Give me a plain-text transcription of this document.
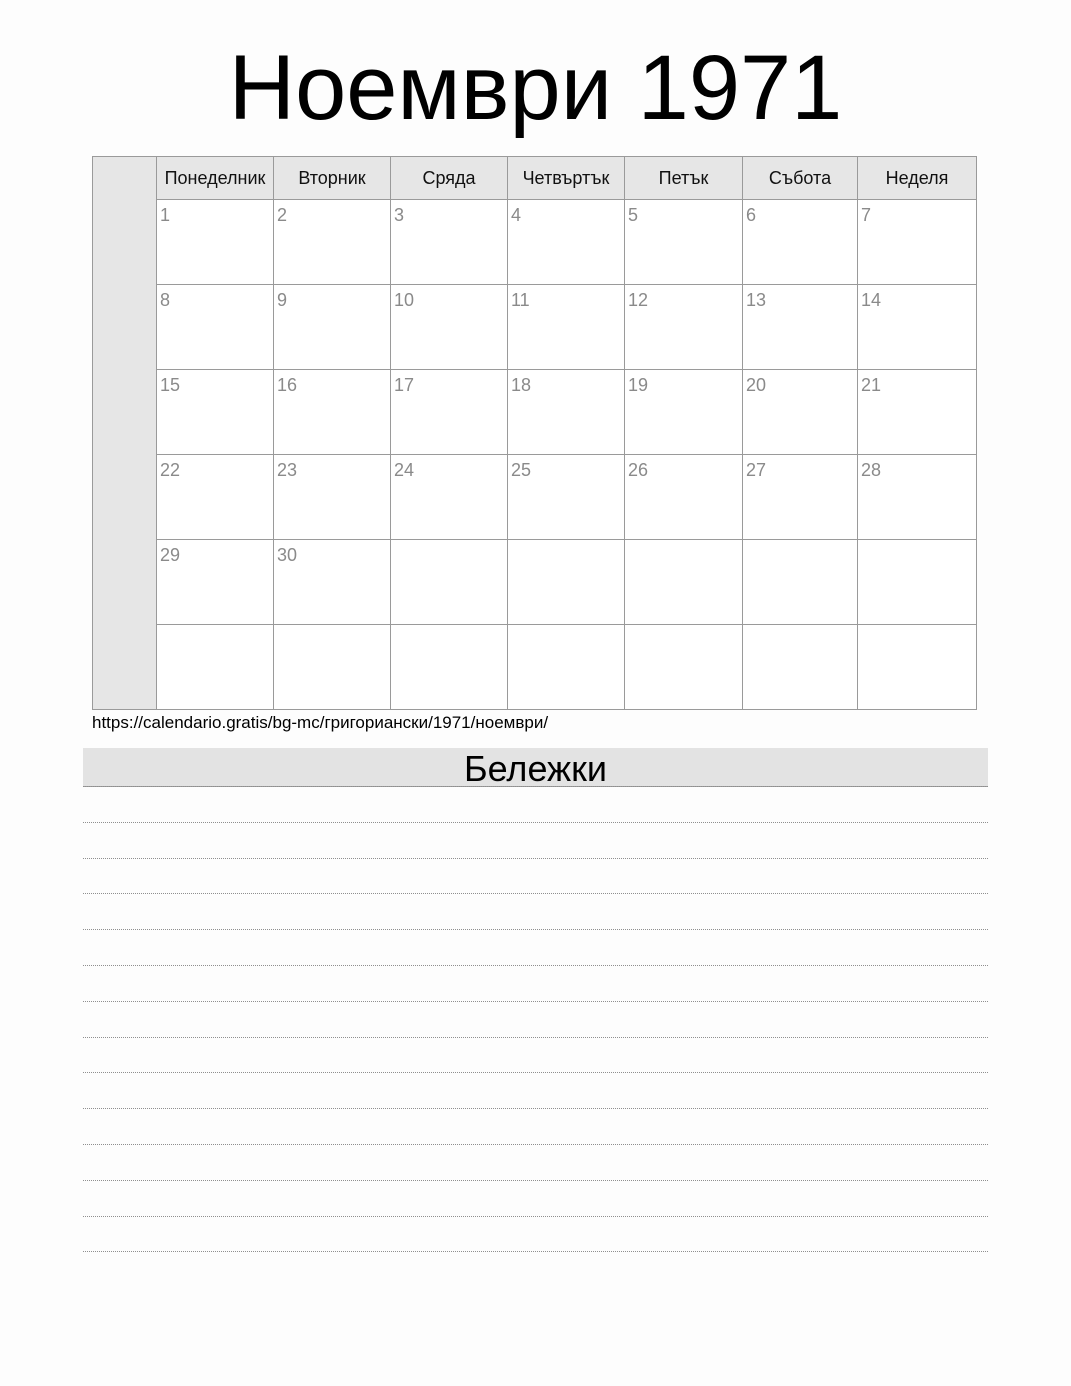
Ноември 1971
Понеделник	Вторник	Сряда	Четвъртък	Петък	Събота	Неделя
1	2	3	4	5	6	7
8	9	10	11	12	13	14
15	16	17	18	19	20	21
22	23	24	25	26	27	28
29	30
https://calendario.gratis/bg-mc/григориански/1971/ноември/
Бележки
